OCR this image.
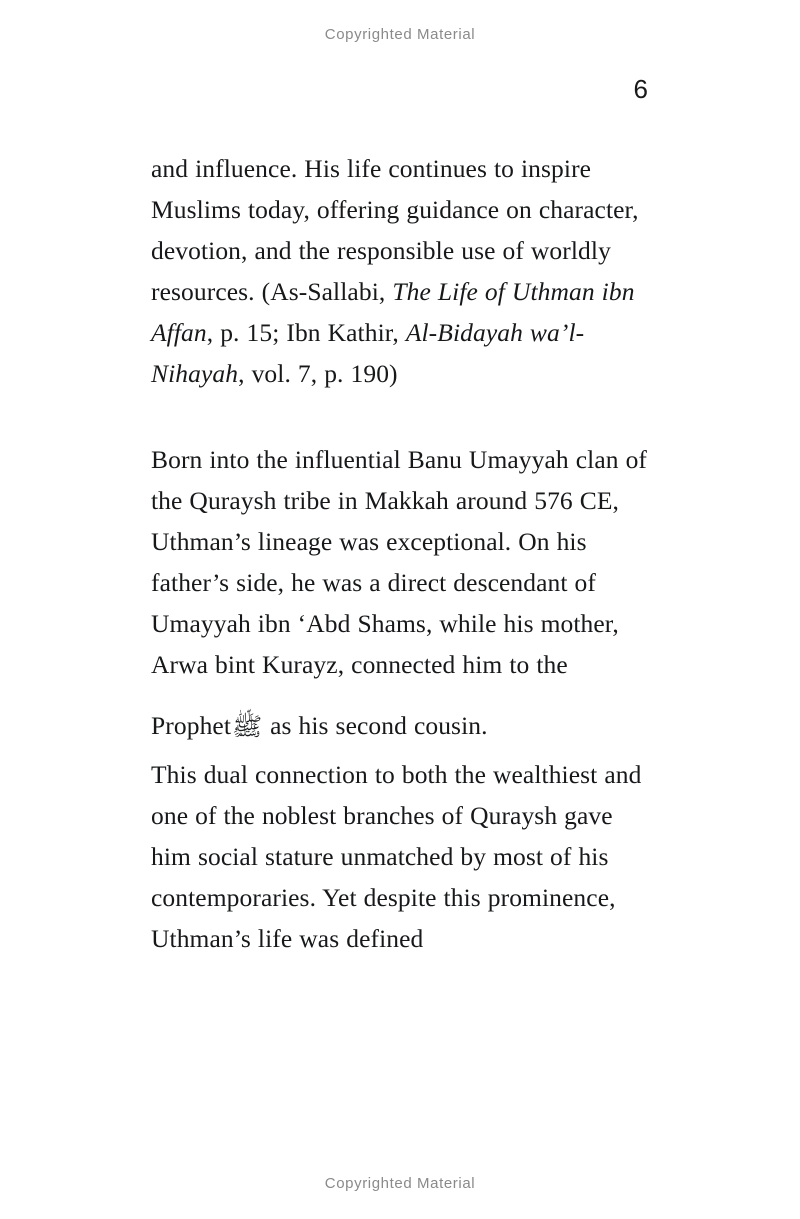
Copyrighted Material
6

and influence. His life continues to inspire Muslims today, offering guidance on character, devotion, and the responsible use of worldly resources. (As-Sallabi, The Life of Uthman ibn Affan, p. 15; Ibn Kathir, Al-Bidayah wa’l-Nihayah, vol. 7, p. 190)

Born into the influential Banu Umayyah clan of the Quraysh tribe in Makkah around 576 CE, Uthman’s lineage was exceptional. On his father’s side, he was a direct descendant of Umayyah ibn ‘Abd Shams, while his mother, Arwa bint Kurayz, connected him to the
Prophetﷺ as his second cousin.
This dual connection to both the wealthiest and one of the noblest branches of Quraysh gave him social stature unmatched by most of his contemporaries. Yet despite this prominence, Uthman’s life was defined

Copyrighted Material
